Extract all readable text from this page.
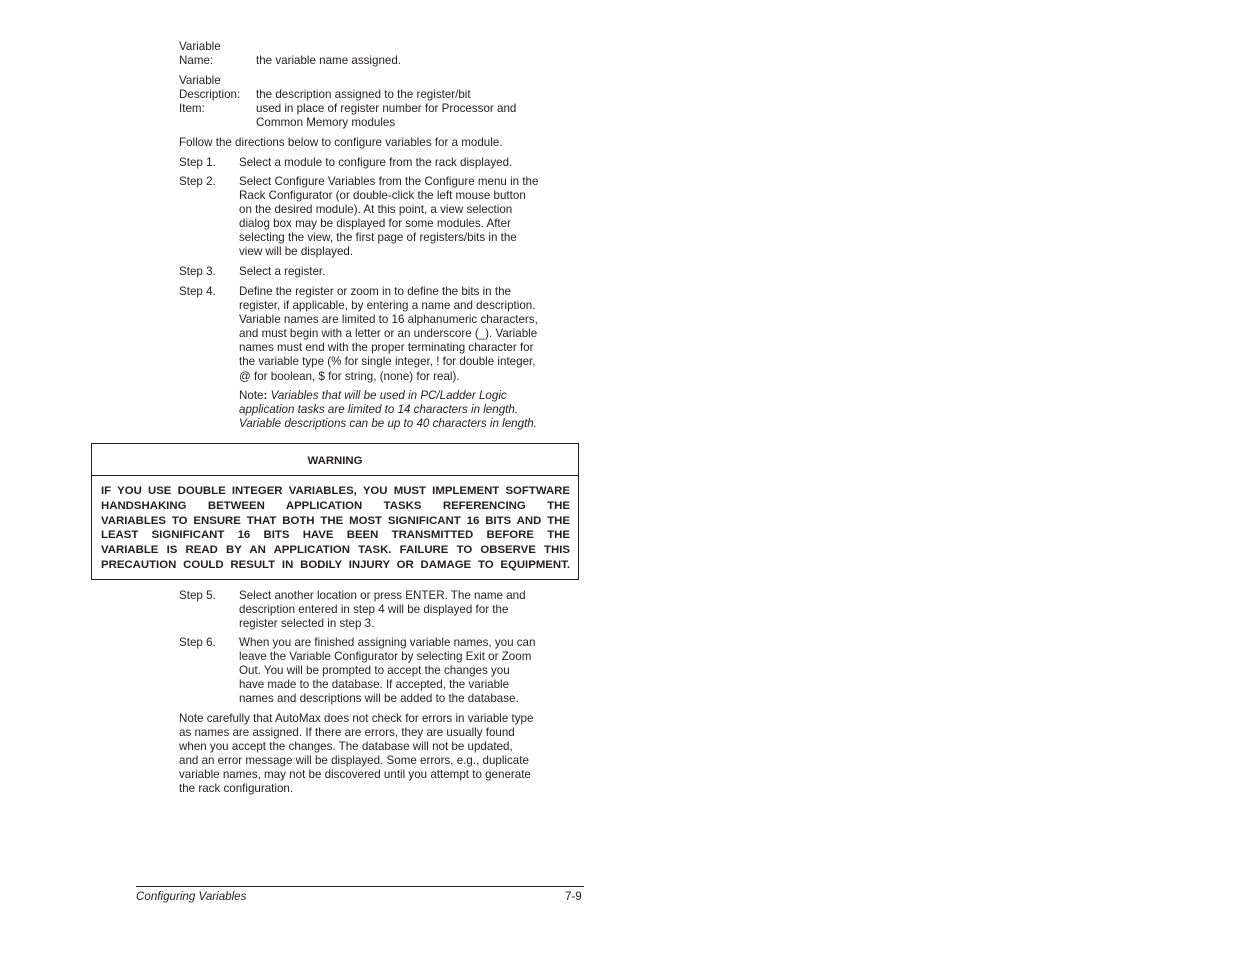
Variable
Name:	the variable name assigned.
Variable
Description:
Item:
the description assigned to the register/bit
used in place of register number for Processor and
Common Memory modules
Follow the directions below to configure variables for a module.
Step 1. Select a module to configure from the rack displayed.
Step 2. Select Configure Variables from the Configure menu in the
Rack Configurator (or double-click the left mouse button
on the desired module). At this point, a view selection
dialog box may be displayed for some modules. After
selecting the view, the first page of registers/bits in the
view will be displayed.
Step 3. Select a register.
Step 4. Define the register or zoom in to define the bits in the
register, if applicable, by entering a name and description.
Variable names are limited to 16 alphanumeric characters,
and must begin with a letter or an underscore (_). Variable
names must end with the proper terminating character for
the variable type (% for single integer, ! for double integer,
@ for boolean, $ for string, (none) for real).
Note: Variables that will be used in PC/Ladder Logic
application tasks are limited to 14 characters in length.
Variable descriptions can be up to 40 characters in length.
WARNING
IF YOU USE DOUBLE INTEGER VARIABLES, YOU MUST IMPLEMENT SOFTWARE
HANDSHAKING BETWEEN APPLICATION TASKS REFERENCING THE
VARIABLES TO ENSURE THAT BOTH THE MOST SIGNIFICANT 16 BITS AND THE
LEAST SIGNIFICANT 16 BITS HAVE BEEN TRANSMITTED BEFORE THE
VARIABLE IS READ BY AN APPLICATION TASK. FAILURE TO OBSERVE THIS
PRECAUTION COULD RESULT IN BODILY INJURY OR DAMAGE TO EQUIPMENT.
Step 5. Select another location or press ENTER. The name and
description entered in step 4 will be displayed for the
register selected in step 3.
Step 6. When you are finished assigning variable names, you can
leave the Variable Configurator by selecting Exit or Zoom
Out. You will be prompted to accept the changes you
have made to the database. If accepted, the variable
names and descriptions will be added to the database.
Note carefully that AutoMax does not check for errors in variable type
as names are assigned. If there are errors, they are usually found
when you accept the changes. The database will not be updated,
and an error message will be displayed. Some errors, e.g., duplicate
variable names, may not be discovered until you attempt to generate
the rack configuration.
Configuring Variables	7-9
